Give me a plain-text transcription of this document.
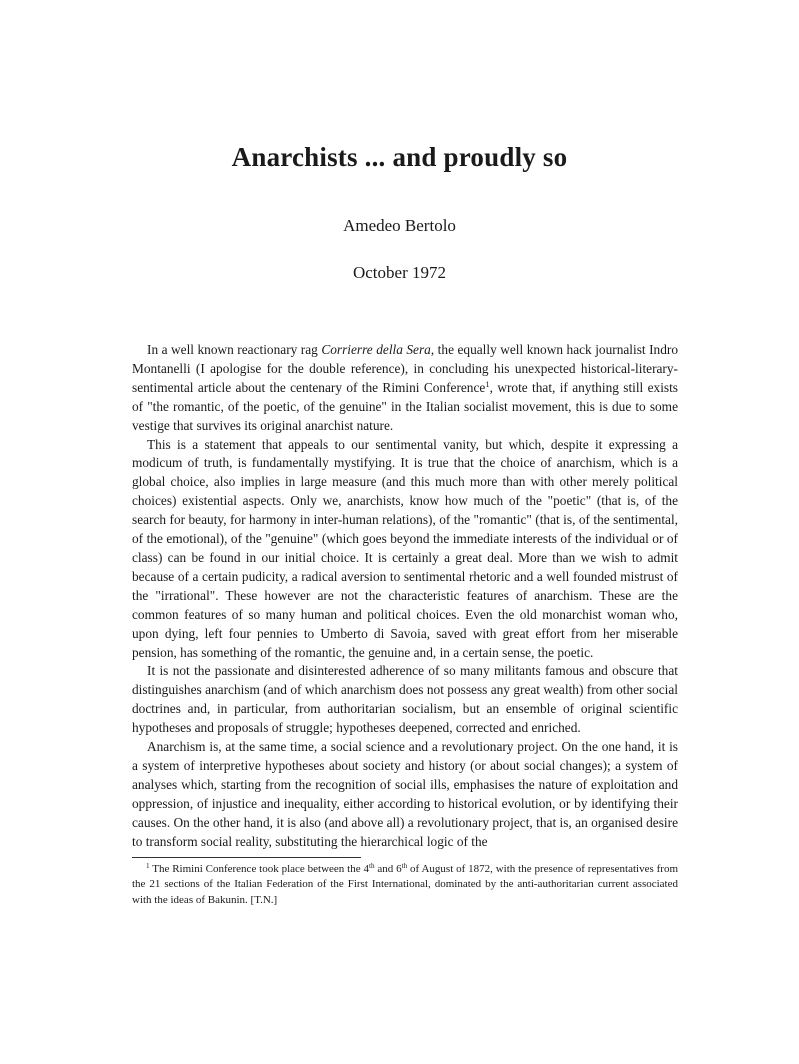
Anarchists ... and proudly so
Amedeo Bertolo
October 1972

In a well known reactionary rag Corrierre della Sera, the equally well known hack journalist Indro Montanelli (I apologise for the double reference), in concluding his unexpected historical-literary-sentimental article about the centenary of the Rimini Conference$^1$, wrote that, if anything still exists of "the romantic, of the poetic, of the genuine" in the Italian socialist movement, this is due to some vestige that survives its original anarchist nature.

This is a statement that appeals to our sentimental vanity, but which, despite it expressing a modicum of truth, is fundamentally mystifying. It is true that the choice of anarchism, which is a global choice, also implies in large measure (and this much more than with other merely political choices) existential aspects. Only we, anarchists, know how much of the "poetic" (that is, of the search for beauty, for harmony in inter-human relations), of the "romantic" (that is, of the sentimental, of the emotional), of the "genuine" (which goes beyond the immediate interests of the individual or of class) can be found in our initial choice. It is certainly a great deal. More than we wish to admit because of a certain pudicity, a radical aversion to sentimental rhetoric and a well founded mistrust of the "irrational". These however are not the characteristic features of anarchism. These are the common features of so many human and political choices. Even the old monarchist woman who, upon dying, left four pennies to Umberto di Savoia, saved with great effort from her miserable pension, has something of the romantic, the genuine and, in a certain sense, the poetic.

It is not the passionate and disinterested adherence of so many militants famous and obscure that distinguishes anarchism (and of which anarchism does not possess any great wealth) from other social doctrines and, in particular, from authoritarian socialism, but an ensemble of original scientific hypotheses and proposals of struggle; hypotheses deepened, corrected and enriched.

Anarchism is, at the same time, a social science and a revolutionary project. On the one hand, it is a system of interpretive hypotheses about society and history (or about social changes); a system of analyses which, starting from the recognition of social ills, emphasises the nature of exploitation and oppression, of injustice and inequality, either according to historical evolution, or by identifying their causes. On the other hand, it is also (and above all) a revolutionary project, that is, an organised desire to transform social reality, substituting the hierarchical logic of the

$^1$ The Rimini Conference took place between the 4th and 6th of August of 1872, with the presence of representatives from the 21 sections of the Italian Federation of the First International, dominated by the anti-authoritarian current associated with the ideas of Bakunin. [T.N.]
